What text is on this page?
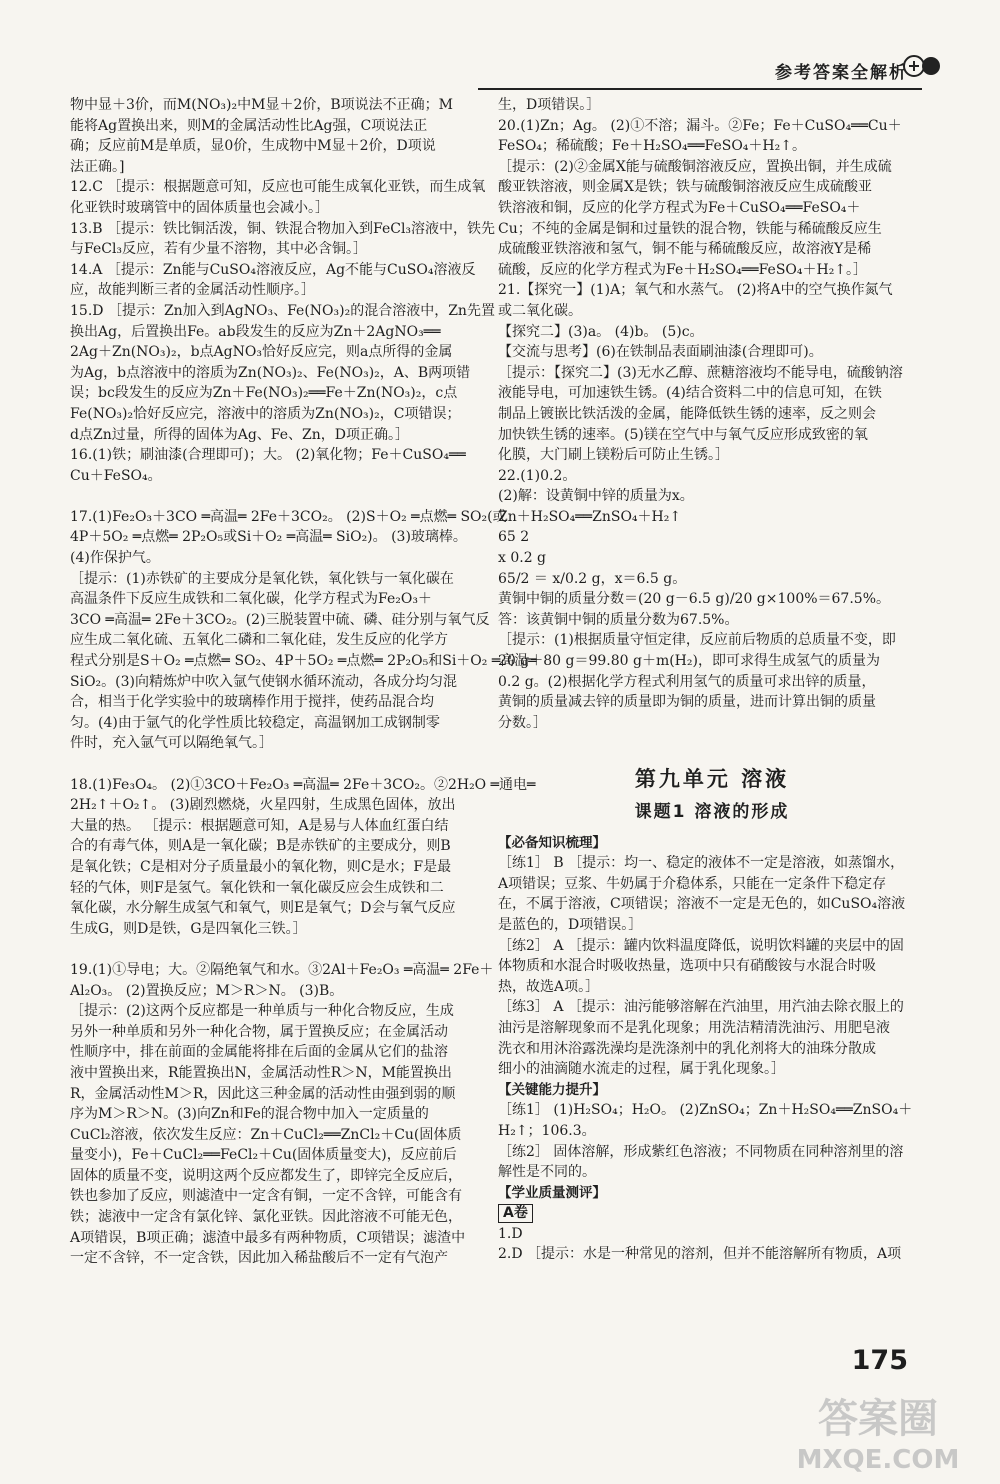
参考答案全解析
物中显＋3价，而M(NO₃)₂中M显＋2价，B项说法不正确；M
能将Ag置换出来，则M的金属活动性比Ag强，C项说法正
确；反应前M是单质，显0价，生成物中M显＋2价，D项说
法正确。]
12.C ［提示：根据题意可知，反应也可能生成氧化亚铁，而生成氧
化亚铁时玻璃管中的固体质量也会减小。］
13.B ［提示：铁比铜活泼，铜、铁混合物加入到FeCl₃溶液中，铁先
与FeCl₃反应，若有少量不溶物，其中必含铜。］
14.A ［提示：Zn能与CuSO₄溶液反应，Ag不能与CuSO₄溶液反
应，故能判断三者的金属活动性顺序。］
15.D ［提示：Zn加入到AgNO₃、Fe(NO₃)₂的混合溶液中，Zn先置
换出Ag，后置换出Fe。ab段发生的反应为Zn＋2AgNO₃══
2Ag＋Zn(NO₃)₂，b点AgNO₃恰好反应完，则a点所得的金属
为Ag，b点溶液中的溶质为Zn(NO₃)₂、Fe(NO₃)₂，A、B两项错
误；bc段发生的反应为Zn＋Fe(NO₃)₂══Fe＋Zn(NO₃)₂，c点
Fe(NO₃)₂恰好反应完，溶液中的溶质为Zn(NO₃)₂，C项错误；
d点Zn过量，所得的固体为Ag、Fe、Zn，D项正确。］
16.(1)铁；刷油漆(合理即可)；大。 (2)氧化物；Fe＋CuSO₄══
Cu＋FeSO₄。
17.(1)Fe₂O₃＋3CO ═高温═ 2Fe＋3CO₂。 (2)S＋O₂ ═点燃═ SO₂(或
4P＋5O₂ ═点燃═ 2P₂O₅或Si＋O₂ ═高温═ SiO₂)。 (3)玻璃棒。
(4)作保护气。
［提示：(1)赤铁矿的主要成分是氧化铁，氧化铁与一氧化碳在
高温条件下反应生成铁和二氧化碳，化学方程式为Fe₂O₃＋
3CO ═高温═ 2Fe＋3CO₂。(2)三脱装置中硫、磷、硅分别与氧气反
应生成二氧化硫、五氧化二磷和二氧化硅，发生反应的化学方
程式分别是S＋O₂ ═点燃═ SO₂、4P＋5O₂ ═点燃═ 2P₂O₅和Si＋O₂ ═高温═
SiO₂。(3)向精炼炉中吹入氩气使钢水循环流动，各成分均匀混
合，相当于化学实验中的玻璃棒作用于搅拌，使药品混合均
匀。(4)由于氩气的化学性质比较稳定，高温钢加工成钢制零
件时，充入氩气可以隔绝氧气。］
18.(1)Fe₃O₄。 (2)①3CO＋Fe₂O₃ ═高温═ 2Fe＋3CO₂。②2H₂O ═通电═
2H₂↑＋O₂↑。 (3)剧烈燃烧，火星四射，生成黑色固体，放出
大量的热。 ［提示：根据题意可知，A是易与人体血红蛋白结
合的有毒气体，则A是一氧化碳；B是赤铁矿的主要成分，则B
是氧化铁；C是相对分子质量最小的氧化物，则C是水；F是最
轻的气体，则F是氢气。氧化铁和一氧化碳反应会生成铁和二
氧化碳，水分解生成氢气和氧气，则E是氧气；D会与氧气反应
生成G，则D是铁，G是四氧化三铁。］
19.(1)①导电；大。②隔绝氧气和水。③2Al＋Fe₂O₃ ═高温═ 2Fe＋
Al₂O₃。 (2)置换反应；M＞R＞N。 (3)B。
［提示：(2)这两个反应都是一种单质与一种化合物反应，生成
另外一种单质和另外一种化合物，属于置换反应；在金属活动
性顺序中，排在前面的金属能将排在后面的金属从它们的盐溶
液中置换出来，R能置换出N，金属活动性R＞N，M能置换出
R，金属活动性M＞R，因此这三种金属的活动性由强到弱的顺
序为M＞R＞N。(3)向Zn和Fe的混合物中加入一定质量的
CuCl₂溶液，依次发生反应：Zn＋CuCl₂══ZnCl₂＋Cu(固体质
量变小)，Fe＋CuCl₂══FeCl₂＋Cu(固体质量变大)，反应前后
固体的质量不变，说明这两个反应都发生了，即锌完全反应后，
铁也参加了反应，则滤渣中一定含有铜，一定不含锌，可能含有
铁；滤液中一定含有氯化锌、氯化亚铁。因此溶液不可能无色，
A项错误，B项正确；滤渣中最多有两种物质，C项错误；滤渣中
一定不含锌，不一定含铁，因此加入稀盐酸后不一定有气泡产
生，D项错误。］
20.(1)Zn；Ag。 (2)①不溶；漏斗。②Fe；Fe＋CuSO₄══Cu＋
FeSO₄；稀硫酸；Fe＋H₂SO₄══FeSO₄＋H₂↑。
［提示：(2)②金属X能与硫酸铜溶液反应，置换出铜，并生成硫
酸亚铁溶液，则金属X是铁；铁与硫酸铜溶液反应生成硫酸亚
铁溶液和铜，反应的化学方程式为Fe＋CuSO₄══FeSO₄＋
Cu；不纯的金属是铜和过量铁的混合物，铁能与稀硫酸反应生
成硫酸亚铁溶液和氢气，铜不能与稀硫酸反应，故溶液Y是稀
硫酸，反应的化学方程式为Fe＋H₂SO₄══FeSO₄＋H₂↑。］
21.【探究一】(1)A；氧气和水蒸气。 (2)将A中的空气换作氮气
或二氧化碳。
【探究二】(3)a。 (4)b。 (5)c。
【交流与思考】(6)在铁制品表面刷油漆(合理即可)。
［提示：【探究二】(3)无水乙醇、蔗糖溶液均不能导电，硫酸钠溶
液能导电，可加速铁生锈。(4)结合资料二中的信息可知，在铁
制品上镀嵌比铁活泼的金属，能降低铁生锈的速率，反之则会
加快铁生锈的速率。(5)镁在空气中与氧气反应形成致密的氧
化膜，大门刷上镁粉后可防止生锈。］
22.(1)0.2。
(2)解：设黄铜中锌的质量为x。
Zn＋H₂SO₄══ZnSO₄＋H₂↑
65 2
x 0.2 g
65/2 ＝ x/0.2 g，x＝6.5 g。
黄铜中铜的质量分数＝(20 g－6.5 g)/20 g×100%＝67.5%。
答：该黄铜中铜的质量分数为67.5%。
［提示：(1)根据质量守恒定律，反应前后物质的总质量不变，即
20 g＋80 g＝99.80 g＋m(H₂)，即可求得生成氢气的质量为
0.2 g。(2)根据化学方程式利用氢气的质量可求出锌的质量，
黄铜的质量减去锌的质量即为铜的质量，进而计算出铜的质量
分数。］
第九单元 溶液
课题1 溶液的形成
【必备知识梳理】
［练1］ B ［提示：均一、稳定的液体不一定是溶液，如蒸馏水，
A项错误；豆浆、牛奶属于介稳体系，只能在一定条件下稳定存
在，不属于溶液，C项错误；溶液不一定是无色的，如CuSO₄溶液
是蓝色的，D项错误。］
［练2］ A ［提示：罐内饮料温度降低，说明饮料罐的夹层中的固
体物质和水混合时吸收热量，选项中只有硝酸铵与水混合时吸
热，故选A项。］
［练3］ A ［提示：油污能够溶解在汽油里，用汽油去除衣服上的
油污是溶解现象而不是乳化现象；用洗洁精清洗油污、用肥皂液
洗衣和用沐浴露洗澡均是洗涤剂中的乳化剂将大的油珠分散成
细小的油滴随水流走的过程，属于乳化现象。］
【关键能力提升】
［练1］ (1)H₂SO₄；H₂O。 (2)ZnSO₄；Zn＋H₂SO₄══ZnSO₄＋
H₂↑；106.3。
［练2］ 固体溶解，形成紫红色溶液；不同物质在同种溶剂里的溶
解性是不同的。
【学业质量测评】
A卷
1.D
2.D ［提示：水是一种常见的溶剂，但并不能溶解所有物质，A项
175
答案圈
MXQE.COM
